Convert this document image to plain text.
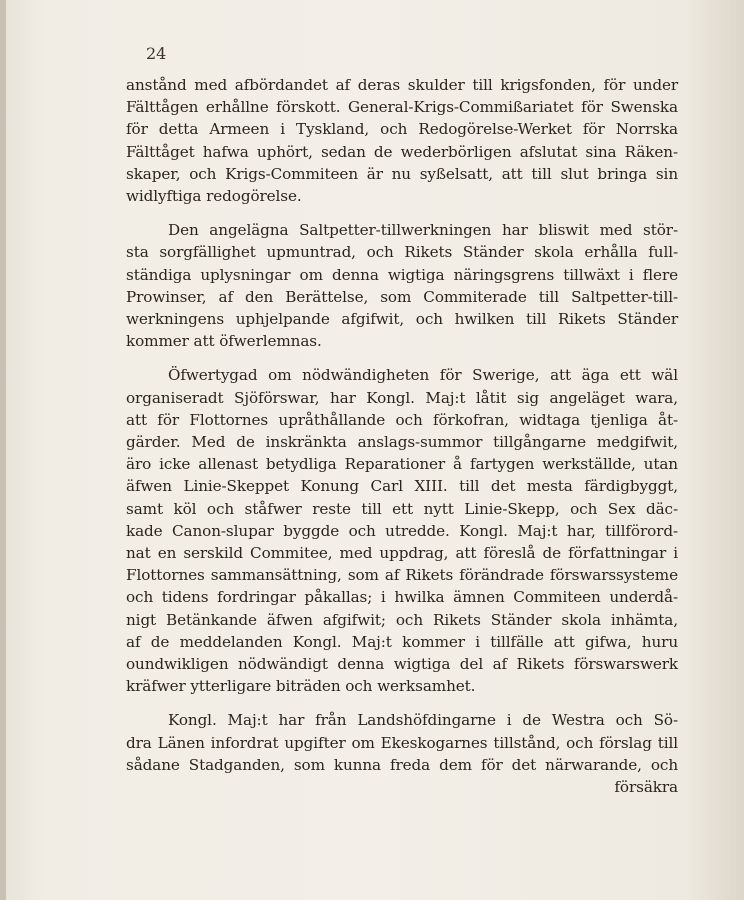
24
anstånd med afbördandet af deras skulder till krigsfonden, för under
Fälttågen erhållne förskott. General-Krigs-Commißariatet för Swenska
för detta Armeen i Tyskland, och Redogörelse-Werket för Norrska
Fälttåget hafwa uphört, sedan de wederbörligen afslutat sina Räken-
skaper, och Krigs-Commiteen är nu syßelsatt, att till slut bringa sin
widlyftiga redogörelse.
Den angelägna Saltpetter-tillwerkningen har bliswit med stör-
sta sorgfällighet upmuntrad, och Rikets Ständer skola erhålla full-
ständiga uplysningar om denna wigtiga näringsgrens tillwäxt i flere
Prowinser, af den Berättelse, som Commiterade till Saltpetter-till-
werkningens uphjelpande afgifwit, och hwilken till Rikets Ständer
kommer att öfwerlemnas.
Öfwertygad om nödwändigheten för Swerige, att äga ett wäl
organiseradt Sjöförswar, har Kongl. Maj:t låtit sig angeläget wara,
att för Flottornes upråthållande och förkofran, widtaga tjenliga åt-
gärder. Med de inskränkta anslags-summor tillgångarne medgifwit,
äro icke allenast betydliga Reparationer å fartygen werkställde, utan
äfwen Linie-Skeppet Konung Carl XIII. till det mesta färdigbyggt,
samt köl och ståfwer reste till ett nytt Linie-Skepp, och Sex däc-
kade Canon-slupar byggde och utredde. Kongl. Maj:t har, tillförord-
nat en serskild Commitee, med uppdrag, att föreslå de författningar i
Flottornes sammansättning, som af Rikets förändrade förswarssysteme
och tidens fordringar påkallas; i hwilka ämnen Commiteen underdå-
nigt Betänkande äfwen afgifwit; och Rikets Ständer skola inhämta,
af de meddelanden Kongl. Maj:t kommer i tillfälle att gifwa, huru
oundwikligen nödwändigt denna wigtiga del af Rikets förswarswerk
kräfwer ytterligare biträden och werksamhet.
Kongl. Maj:t har från Landshöfdingarne i de Westra och Sö-
dra Länen infordrat upgifter om Ekeskogarnes tillstånd, och förslag till
sådane Stadganden, som kunna freda dem för det närwarande, och
försäkra
